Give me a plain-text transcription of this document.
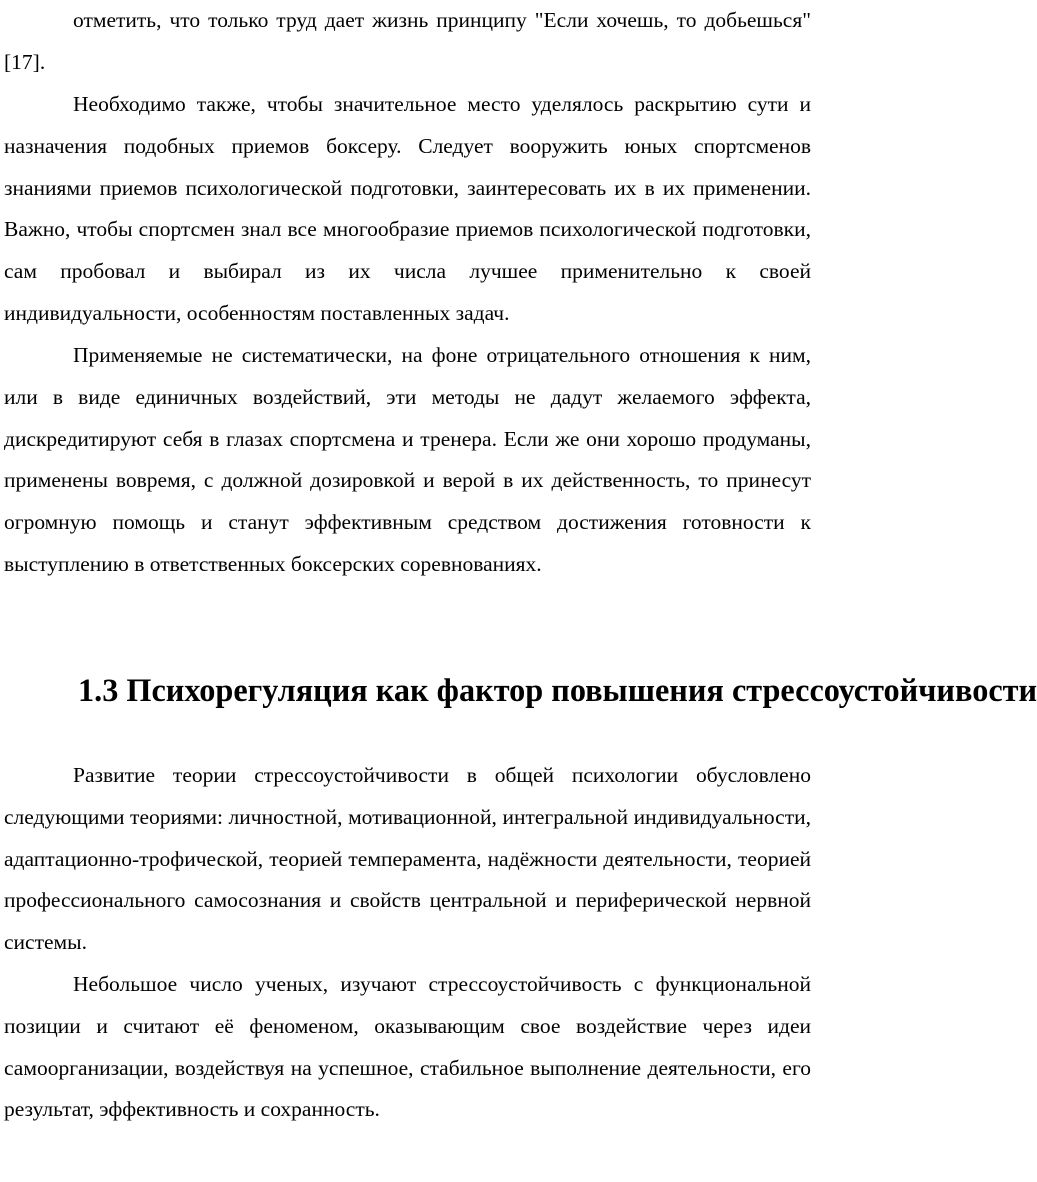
отметить, что только труд дает жизнь принципу "Если хочешь, то добьешься"[17].

Необходимо также, чтобы значительное место уделялось раскрытию сути и назначения подобных приемов боксеру. Следует вооружить юных спортсменов знаниями приемов психологической подготовки, заинтересовать их в их применении. Важно, чтобы спортсмен знал все многообразие приемов психологической подготовки, сам пробовал и выбирал из их числа лучшее применительно к своей индивидуальности, особенностям поставленных задач.

Применяемые не систематически, на фоне отрицательного отношения к ним, или в виде единичных воздействий, эти методы не дадут желаемого эффекта, дискредитируют себя в глазах спортсмена и тренера. Если же они хорошо продуманы, применены вовремя, с должной дозировкой и верой в их действенность, то принесут огромную помощь и станут эффективным средством достижения готовности к выступлению в ответственных боксерских соревнованиях.

1.3 Психорегуляция как фактор повышения стрессоустойчивости

Развитие теории стрессоустойчивости в общей психологии обусловлено следующими теориями: личностной, мотивационной, интегральной индивидуальности, адаптационно-трофической, теорией темперамента, надёжности деятельности, теорией профессионального самосознания и свойств центральной и периферической нервной системы.

Небольшое число ученых, изучают стрессоустойчивость с функциональной позиции и считают её феноменом, оказывающим свое воздействие через идеи самоорганизации, воздействуя на успешное, стабильное выполнение деятельности, его результат, эффективность и сохранность.
